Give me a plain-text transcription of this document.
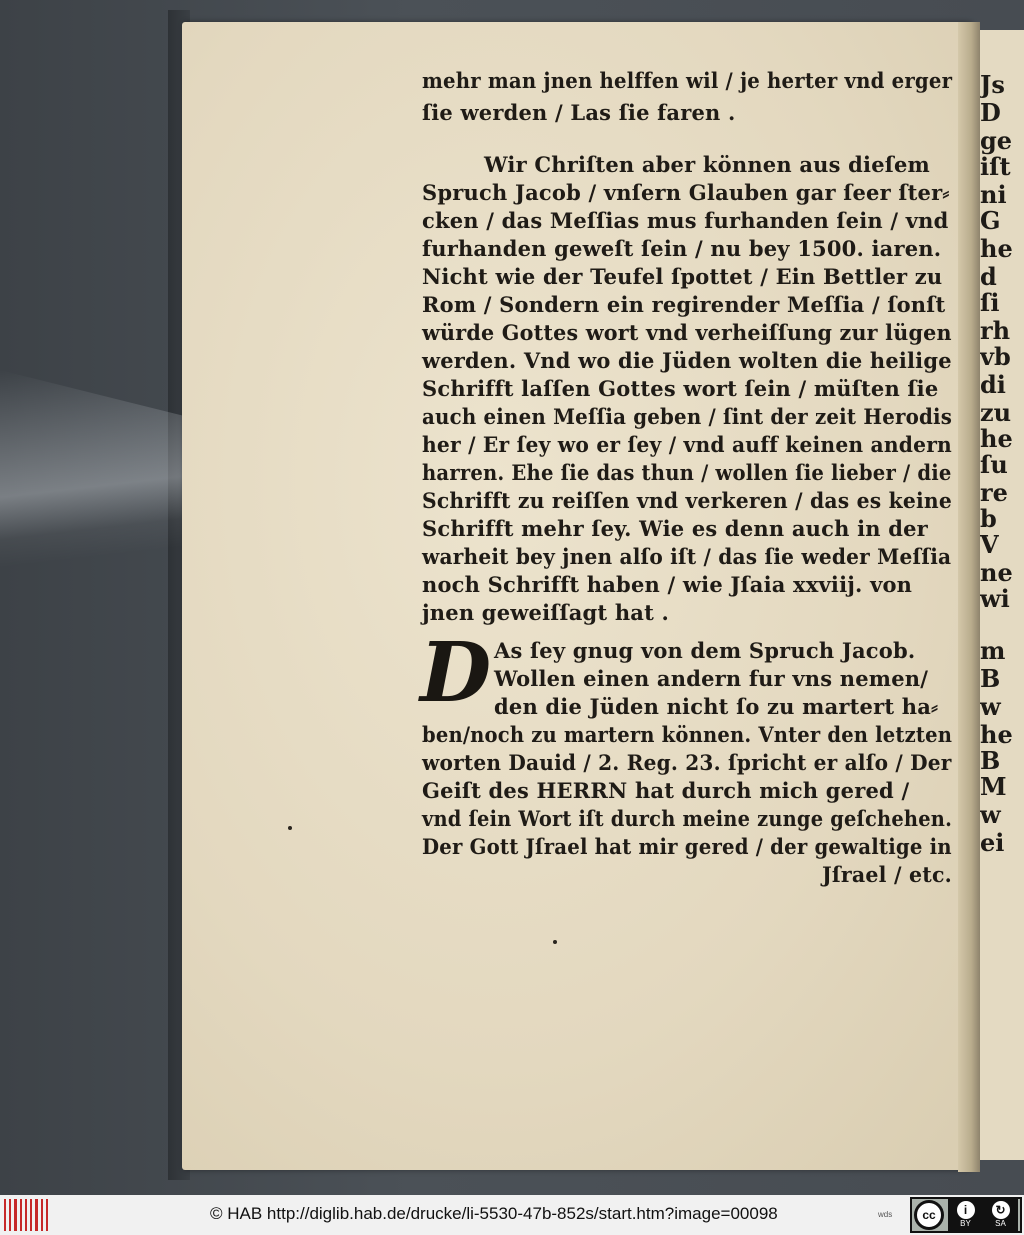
Js
D
ge
iſt
ni
G
he
d
ſi
rh
vb
di
zu
he
ſu
re
b
V
ne
wi
m
B
w
he
B
M
w
ei
mehr man jnen helffen wil / je herter vnd erger
ſie werden / Las ſie faren .
Wir Chriſten aber können aus dieſem
Spruch Jacob / vnſern Glauben gar ſeer ſter⸗
cken / das Meſſias mus furhanden ſein / vnd
furhanden geweſt ſein / nu bey 1500. iaren.
Nicht wie der Teufel ſpottet / Ein Bettler zu
Rom / Sondern ein regirender Meſſia / ſonſt
würde Gottes wort vnd verheiſſung zur lügen
werden. Vnd wo die Jüden wolten die heilige
Schrifft laſſen Gottes wort ſein / müſten ſie
auch einen Meſſia geben / ſint der zeit Herodis
her / Er ſey wo er ſey / vnd auff keinen andern
harren. Ehe ſie das thun / wollen ſie lieber / die
Schrifft zu reiſſen vnd verkeren / das es keine
Schrifft mehr ſey. Wie es denn auch in der
warheit bey jnen alſo iſt / das ſie weder Meſſia
noch Schrifft haben / wie Jſaia xxviij. von
jnen geweiſſagt hat .
As ſey gnug von dem Spruch Jacob.
Wollen einen andern fur vns nemen/
den die Jüden nicht ſo zu martert ha⸗
ben/noch zu martern können. Vnter den letzten
worten Dauid / 2. Reg. 23. ſpricht er alſo / Der
Geiſt des HERRN hat durch mich gered /
vnd ſein Wort iſt durch meine zunge geſchehen.
Der Gott Jſrael hat mir gered / der gewaltige in
Jſrael / etc.
D
© HAB http://diglib.hab.de/drucke/li-5530-47b-852s/start.htm?image=00098	wds	cc	i
BY
↻
SA
